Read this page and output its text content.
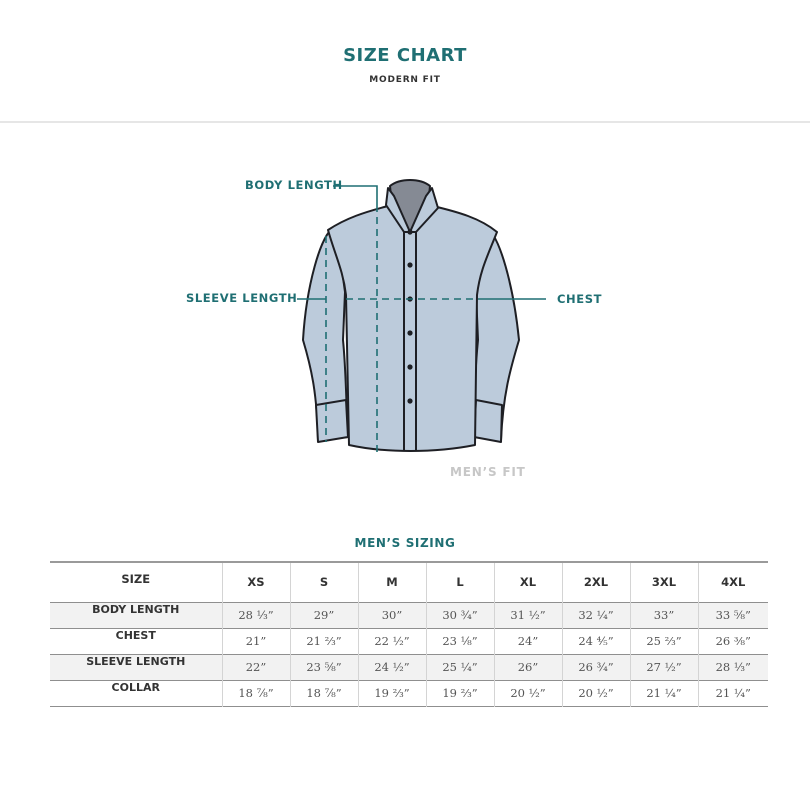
SIZE CHART
MODERN FIT
BODY LENGTH
SLEEVE LENGTH	CHEST
MEN’S FIT
MEN’S SIZING
SIZE	XS	S	M	L	XL	2XL	3XL	4XL
BODY LENGTH	28 ⅓”	29”	30”	30 ¾”	31 ½”	32 ¼”	33”	33 ⅝”
CHEST	21”	21 ⅔”	22 ½”	23 ⅛”	24”	24 ⅘”	25 ⅔”	26 ⅜”
SLEEVE LENGTH	22”	23 ⅝”	24 ½”	25 ¼”	26”	26 ¾”	27 ½”	28 ⅓”
COLLAR	18 ⅞”	18 ⅞”	19 ⅔”	19 ⅔”	20 ½”	20 ½”	21 ¼”	21 ¼”
